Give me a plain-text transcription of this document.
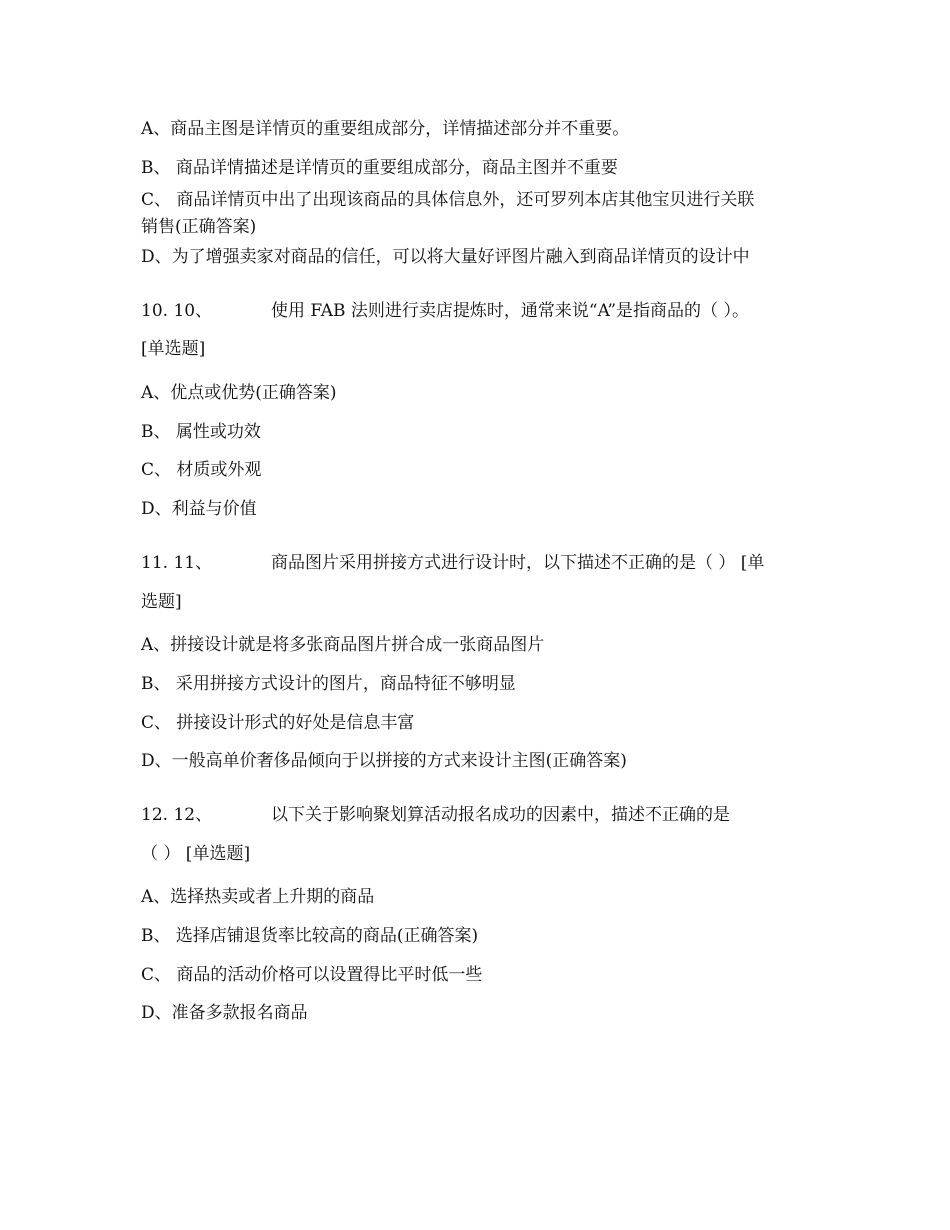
A、商品主图是详情页的重要组成部分，详情描述部分并不重要。
B、 商品详情描述是详情页的重要组成部分，商品主图并不重要
C、 商品详情页中出了出现该商品的具体信息外，还可罗列本店其他宝贝进行关联
销售(正确答案)
D、为了增强卖家对商品的信任，可以将大量好评图片融入到商品详情页的设计中
10. 10、	使用 FAB 法则进行卖店提炼时，通常来说“A”是指商品的（ ）。
[单选题]
A、优点或优势(正确答案)
B、 属性或功效
C、 材质或外观
D、利益与价值
11. 11、	商品图片采用拼接方式进行设计时，以下描述不正确的是（ ） [单
选题]
A、拼接设计就是将多张商品图片拼合成一张商品图片
B、 采用拼接方式设计的图片，商品特征不够明显
C、 拼接设计形式的好处是信息丰富
D、一般高单价奢侈品倾向于以拼接的方式来设计主图(正确答案)
12. 12、	以下关于影响聚划算活动报名成功的因素中，描述不正确的是
（ ） [单选题]
A、选择热卖或者上升期的商品
B、 选择店铺退货率比较高的商品(正确答案)
C、 商品的活动价格可以设置得比平时低一些
D、准备多款报名商品
